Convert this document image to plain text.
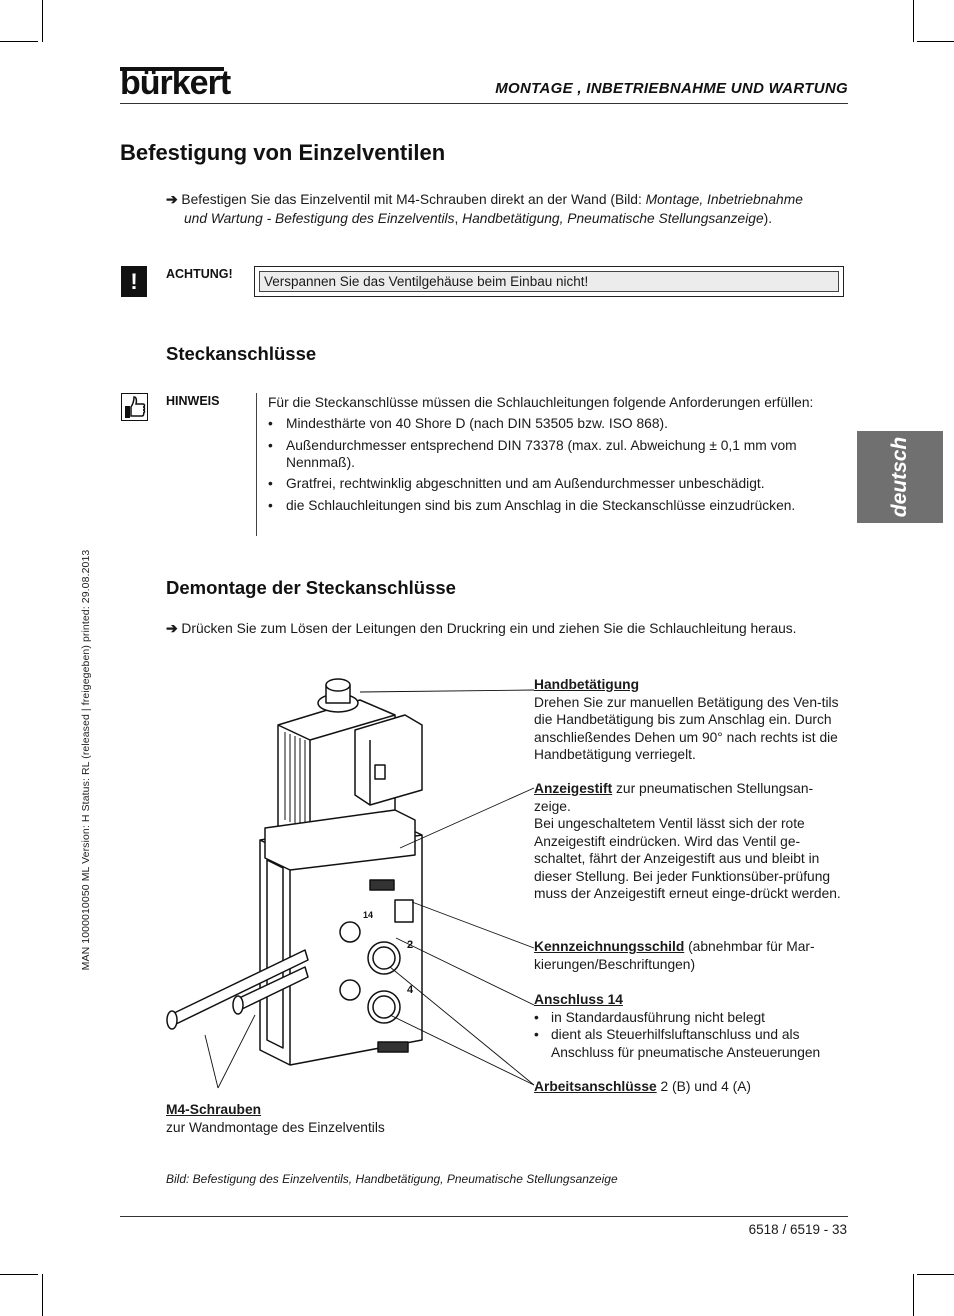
bürkert	MONTAGE , INBETRIEBNAHME UND WARTUNG
Befestigung von Einzelventilen
➔ Befestigen Sie das Einzelventil mit M4-Schrauben direkt an der Wand (Bild: Montage, Inbetriebnahme
und Wartung - Befestigung des Einzelventils, Handbetätigung, Pneumatische Stellungsanzeige).
!	ACHTUNG!	Verspannen Sie das Ventilgehäuse beim Einbau nicht!
Steckanschlüsse
HINWEIS	Für die Steckanschlüsse müssen die Schlauchleitungen folgende Anforderungen erfüllen:

• Mindesthärte von 40 Shore D (nach DIN 53505 bzw. ISO 868).
• Außendurchmesser entsprechend DIN 73378 (max. zul. Abweichung ± 0,1 mm vom Nennmaß).
• Gratfrei, rechtwinklig abgeschnitten und am Außendurchmesser unbeschädigt.
• die Schlauchleitungen sind bis zum Anschlag in die Steckanschlüsse einzudrücken.	deutsch
MAN 1000010050 ML Version: H Status: RL (released | freigegeben) printed: 29.08.2013	Demontage der Steckanschlüsse
➔ Drücken Sie zum Lösen der Leitungen den Druckring ein und ziehen Sie die Schlauchleitung heraus.
14
2
4
Handbetätigung

Drehen Sie zur manuellen Betätigung des Ven-tils die Handbetätigung bis zum Anschlag ein. Durch anschließendes Dehen um 90° nach rechts ist die Handbetätigung verriegelt.
Anzeigestift zur pneumatischen Stellungsan-zeige.
Bei ungeschaltetem Ventil lässt sich der rote Anzeigestift eindrücken. Wird das Ventil ge-schaltet, fährt der Anzeigestift aus und bleibt in dieser Stellung. Bei jeder Funktionsüber-prüfung muss der Anzeigestift erneut einge-drückt werden.
Kennzeichnungsschild (abnehmbar für Mar-kierungen/Beschriftungen)
Anschluss 14
• in Standardausführung nicht belegt
• dient als Steuerhilfsluftanschluss und als Anschluss für pneumatische Ansteuerungen
Arbeitsanschlüsse 2 (B) und 4 (A)
M4-Schrauben
zur Wandmontage des Einzelventils
Bild: Befestigung des Einzelventils, Handbetätigung, Pneumatische Stellungsanzeige
6518 / 6519 - 33
